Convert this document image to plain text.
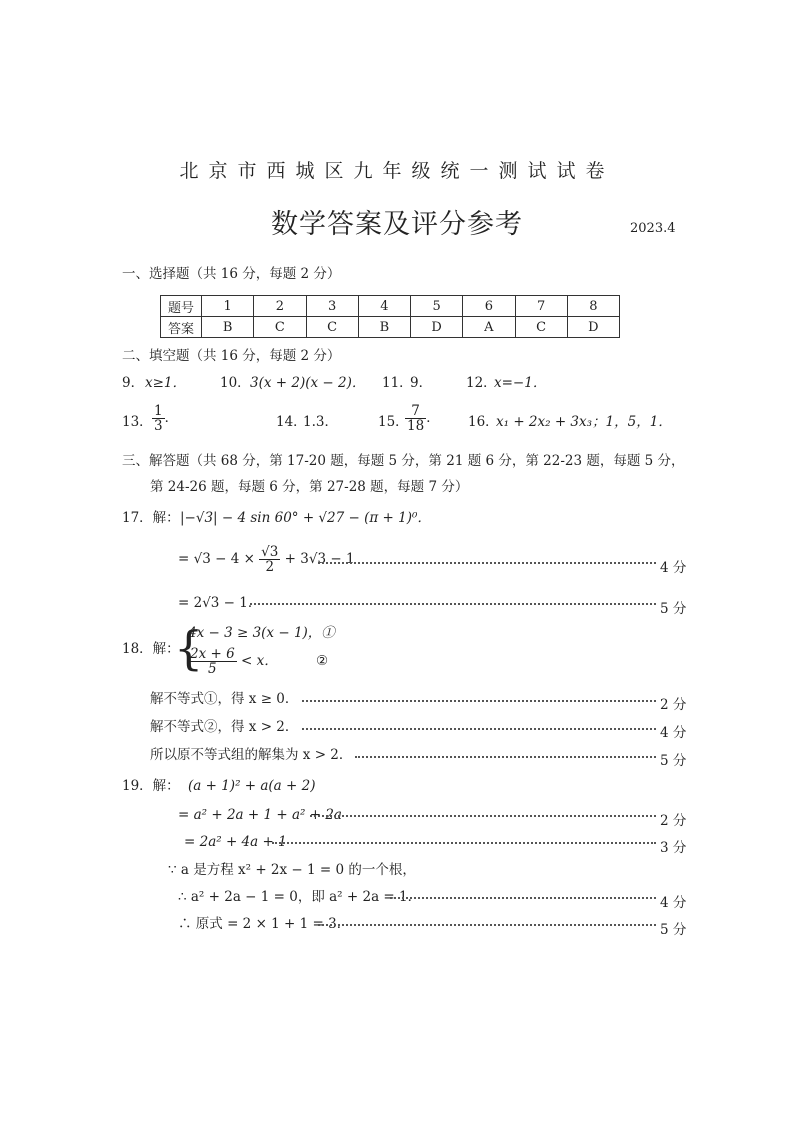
北京市西城区九年级统一测试试卷
数学答案及评分参考	2023.4
一、选择题（共 16 分，每题 2 分）
题号	1	2	3	4	5	6	7	8
答案	B	C	C	B	D	A	C	D
二、填空题（共 16 分，每题 2 分）
9． x≥1．	10． 3(x + 2)(x − 2)． 11．
9．	12．
x=−1．
13． $\frac{1}{3}$ ．	14．
1.3．	15．
$\frac{7}{18}$ ． 16．
x₁ + 2x₂ + 3x₃；1，5，1．
三、解答题（共 68 分，第 17-20 题，每题 5 分，第 21 题 6 分，第 22-23 题，每题 5 分，
第 24-26 题，每题 6 分，第 27-28 题，每题 7 分）
17．解： |−√3| − 4 sin 60° + √27 − (π + 1)⁰．
= $√3 - 4 \times \frac{√3}{2} + 3√3 - 1$
4 分
= 2√3 − 1．	5 分
18．解：
{
4x − 3 ≥ 3(x − 1)，①
$\frac{2x + 6}{5} < x$．	②
解不等式①，得 x ≥ 0．	2 分
解不等式②，得 x > 2．	4 分
所以原不等式组的解集为 x > 2．	5 分
19．解： (a + 1)² + a(a + 2)
= a² + 2a + 1 + a² + 2a	2 分
= 2a² + 4a + 1	3 分
∵ a 是方程 x² + 2x − 1 = 0 的一个根，
∴ a² + 2a − 1 = 0，即 a² + 2a = 1．	4 分
∴ 原式 = 2 × 1 + 1 = 3．	5 分
